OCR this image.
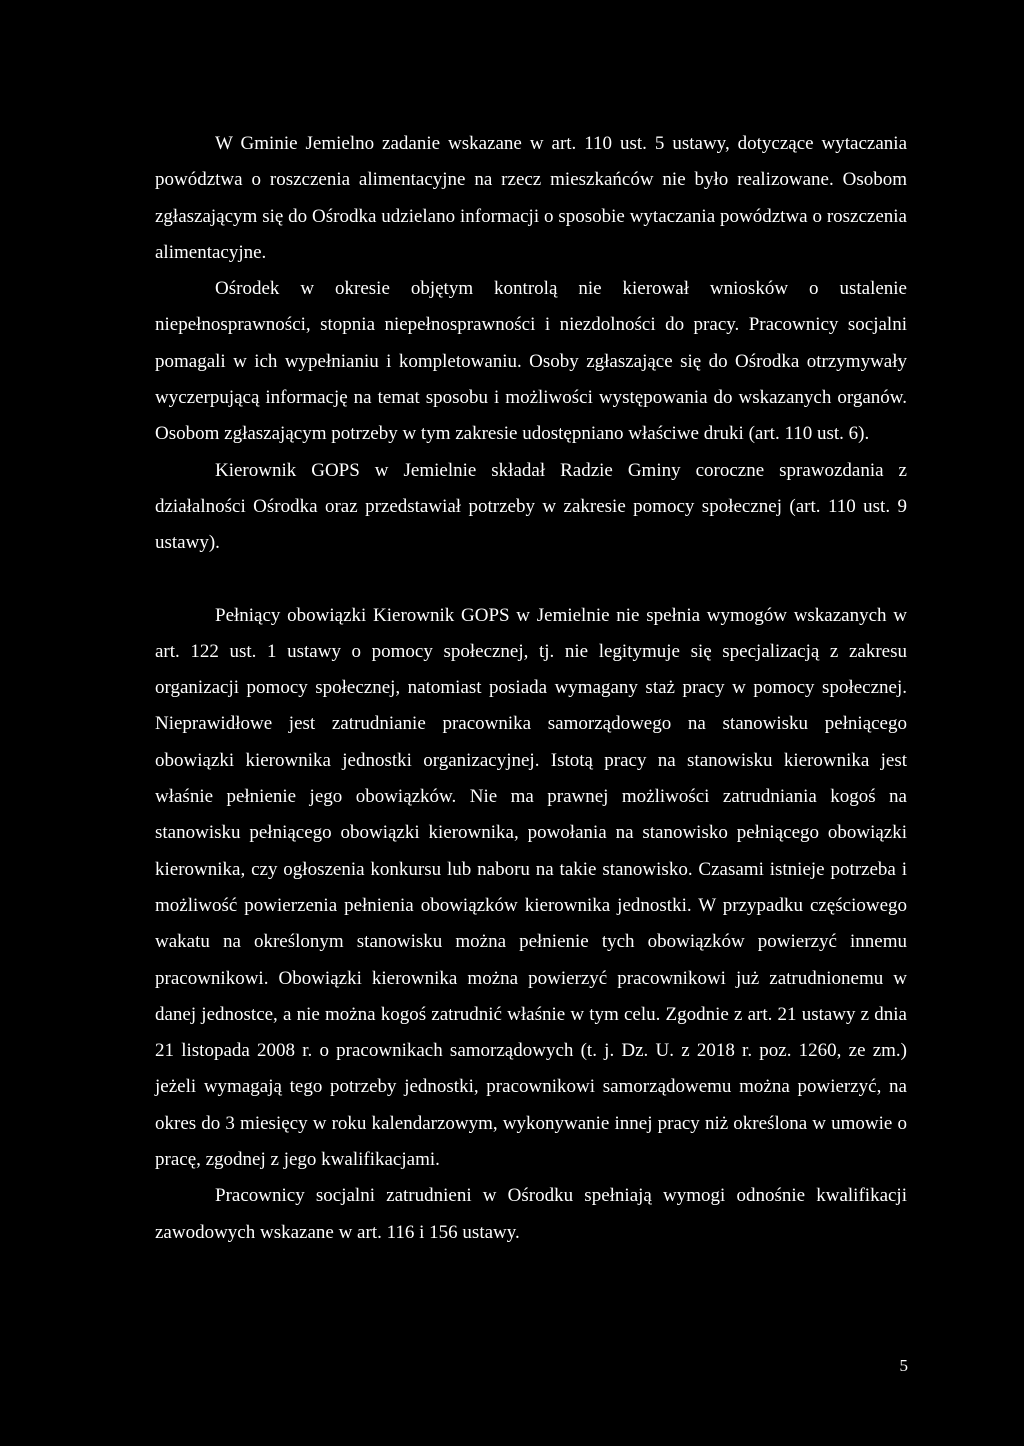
W Gminie Jemielno zadanie wskazane w art. 110 ust. 5 ustawy, dotyczące wytaczania powództwa o roszczenia alimentacyjne na rzecz mieszkańców nie było realizowane. Osobom zgłaszającym się do Ośrodka udzielano informacji o sposobie wytaczania powództwa o roszczenia alimentacyjne.

Ośrodek w okresie objętym kontrolą nie kierował wniosków o ustalenie niepełnosprawności, stopnia niepełnosprawności i niezdolności do pracy. Pracownicy socjalni pomagali w ich wypełnianiu i kompletowaniu. Osoby zgłaszające się do Ośrodka otrzymywały wyczerpującą informację na temat sposobu i możliwości występowania do wskazanych organów. Osobom zgłaszającym potrzeby w tym zakresie udostępniano właściwe druki (art. 110 ust. 6).

Kierownik GOPS w Jemielnie składał Radzie Gminy coroczne sprawozdania z działalności Ośrodka oraz przedstawiał potrzeby w zakresie pomocy społecznej (art. 110 ust. 9 ustawy).

Pełniący obowiązki Kierownik GOPS w Jemielnie nie spełnia wymogów wskazanych w art. 122 ust. 1 ustawy o pomocy społecznej, tj. nie legitymuje się specjalizacją z zakresu organizacji pomocy społecznej, natomiast posiada wymagany staż pracy w pomocy społecznej. Nieprawidłowe jest zatrudnianie pracownika samorządowego na stanowisku pełniącego obowiązki kierownika jednostki organizacyjnej. Istotą pracy na stanowisku kierownika jest właśnie pełnienie jego obowiązków. Nie ma prawnej możliwości zatrudniania kogoś na stanowisku pełniącego obowiązki kierownika, powołania na stanowisko pełniącego obowiązki kierownika, czy ogłoszenia konkursu lub naboru na takie stanowisko. Czasami istnieje potrzeba i możliwość powierzenia pełnienia obowiązków kierownika jednostki. W przypadku częściowego wakatu na określonym stanowisku można pełnienie tych obowiązków powierzyć innemu pracownikowi. Obowiązki kierownika można powierzyć pracownikowi już zatrudnionemu w danej jednostce, a nie można kogoś zatrudnić właśnie w tym celu. Zgodnie z art. 21 ustawy z dnia 21 listopada 2008 r. o pracownikach samorządowych (t. j. Dz. U. z 2018 r. poz. 1260, ze zm.) jeżeli wymagają tego potrzeby jednostki, pracownikowi samorządowemu można powierzyć, na okres do 3 miesięcy w roku kalendarzowym, wykonywanie innej pracy niż określona w umowie o pracę, zgodnej z jego kwalifikacjami.

Pracownicy socjalni zatrudnieni w Ośrodku spełniają wymogi odnośnie kwalifikacji zawodowych wskazane w art. 116 i 156 ustawy.

5
